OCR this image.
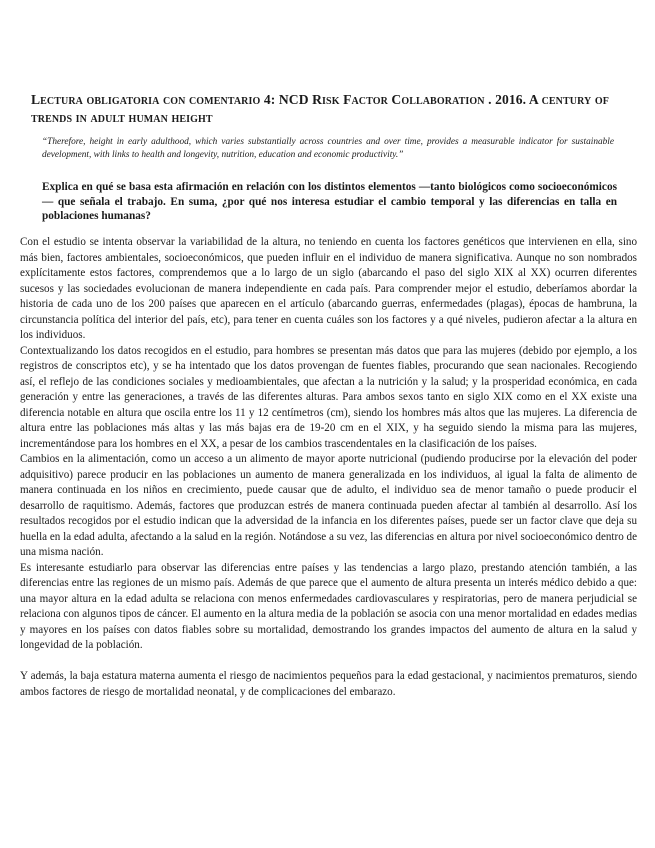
Lectura obligatoria con comentario 4: NCD Risk Factor Collaboration . 2016. A century of trends in adult human height

“Therefore, height in early adulthood, which varies substantially across countries and over time, provides a measurable indicator for sustainable development, with links to health and longevity, nutrition, education and economic productivity.”

Explica en qué se basa esta afirmación en relación con los distintos elementos —tanto biológicos como socioeconómicos— que señala el trabajo. En suma, ¿por qué nos interesa estudiar el cambio temporal y las diferencias en talla en poblaciones humanas?

Con el estudio se intenta observar la variabilidad de la altura, no teniendo en cuenta los factores genéticos que intervienen en ella, sino más bien, factores ambientales, socioeconómicos, que pueden influir en el individuo de manera significativa. Aunque no son nombrados explícitamente estos factores, comprendemos que a lo largo de un siglo (abarcando el paso del siglo XIX al XX) ocurren diferentes sucesos y las sociedades evolucionan de manera independiente en cada país. Para comprender mejor el estudio, deberíamos abordar la historia de cada uno de los 200 países que aparecen en el artículo (abarcando guerras, enfermedades (plagas), épocas de hambruna, la circunstancia política del interior del país, etc), para tener en cuenta cuáles son los factores y a qué niveles, pudieron afectar a la altura en los individuos.

Contextualizando los datos recogidos en el estudio, para hombres se presentan más datos que para las mujeres (debido por ejemplo, a los registros de conscriptos etc), y se ha intentado que los datos provengan de fuentes fiables, procurando que sean nacionales. Recogiendo así, el reflejo de las condiciones sociales y medioambientales, que afectan a la nutrición y la salud; y la prosperidad económica, en cada generación y entre las generaciones, a través de las diferentes alturas. Para ambos sexos tanto en siglo XIX como en el XX existe una diferencia notable en altura que oscila entre los 11 y 12 centímetros (cm), siendo los hombres más altos que las mujeres. La diferencia de altura entre las poblaciones más altas y las más bajas era de 19-20 cm en el XIX, y ha seguido siendo la misma para las mujeres, incrementándose para los hombres en el XX, a pesar de los cambios trascendentales en la clasificación de los países.

Cambios en la alimentación, como un acceso a un alimento de mayor aporte nutricional (pudiendo producirse por la elevación del poder adquisitivo) parece producir en las poblaciones un aumento de manera generalizada en los individuos, al igual la falta de alimento de manera continuada en los niños en crecimiento, puede causar que de adulto, el individuo sea de menor tamaño o puede producir el desarrollo de raquitismo. Además, factores que produzcan estrés de manera continuada pueden afectar al también al desarrollo. Así los resultados recogidos por el estudio indican que la adversidad de la infancia en los diferentes países, puede ser un factor clave que deja su huella en la edad adulta, afectando a la salud en la región. Notándose a su vez, las diferencias en altura por nivel socioeconómico dentro de una misma nación.

Es interesante estudiarlo para observar las diferencias entre países y las tendencias a largo plazo, prestando atención también, a las diferencias entre las regiones de un mismo país. Además de que parece que el aumento de altura presenta un interés médico debido a que: una mayor altura en la edad adulta se relaciona con menos enfermedades cardiovasculares y respiratorias, pero de manera perjudicial se relaciona con algunos tipos de cáncer. El aumento en la altura media de la población se asocia con una menor mortalidad en edades medias y mayores en los países con datos fiables sobre su mortalidad, demostrando los grandes impactos del aumento de altura en la salud y longevidad de la población.

Y además, la baja estatura materna aumenta el riesgo de nacimientos pequeños para la edad gestacional, y nacimientos prematuros, siendo ambos factores de riesgo de mortalidad neonatal, y de complicaciones del embarazo.
